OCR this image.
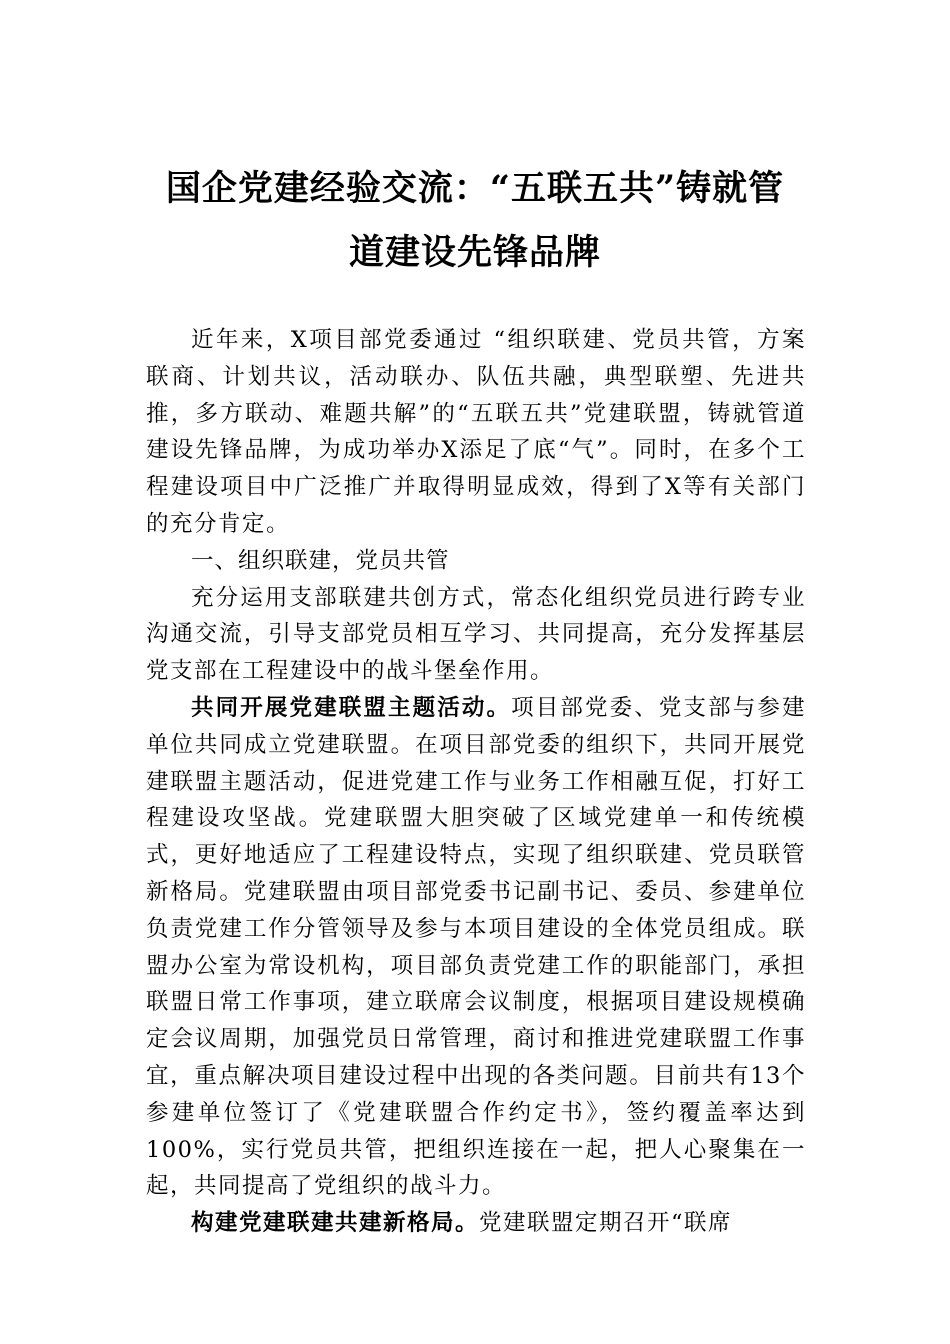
国企党建经验交流：“五联五共”铸就管
道建设先锋品牌

近年来，X项目部党委通过 “组织联建、党员共管，方案联商、计划共议，活动联办、队伍共融，典型联塑、先进共推，多方联动、难题共解”的“五联五共”党建联盟，铸就管道建设先锋品牌，为成功举办X添足了底“气”。同时，在多个工程建设项目中广泛推广并取得明显成效，得到了X等有关部门的充分肯定。

一、组织联建，党员共管

充分运用支部联建共创方式，常态化组织党员进行跨专业沟通交流，引导支部党员相互学习、共同提高，充分发挥基层党支部在工程建设中的战斗堡垒作用。

共同开展党建联盟主题活动。项目部党委、党支部与参建单位共同成立党建联盟。在项目部党委的组织下，共同开展党建联盟主题活动，促进党建工作与业务工作相融互促，打好工程建设攻坚战。党建联盟大胆突破了区域党建单一和传统模式，更好地适应了工程建设特点，实现了组织联建、党员联管新格局。党建联盟由项目部党委书记副书记、委员、参建单位负责党建工作分管领导及参与本项目建设的全体党员组成。联盟办公室为常设机构，项目部负责党建工作的职能部门，承担联盟日常工作事项，建立联席会议制度，根据项目建设规模确定会议周期，加强党员日常管理，商讨和推进党建联盟工作事宜，重点解决项目建设过程中出现的各类问题。目前共有13个参建单位签订了《党建联盟合作约定书》，签约覆盖率达到100%，实行党员共管，把组织连接在一起，把人心聚集在一起，共同提高了党组织的战斗力。

构建党建联建共建新格局。党建联盟定期召开“联席
